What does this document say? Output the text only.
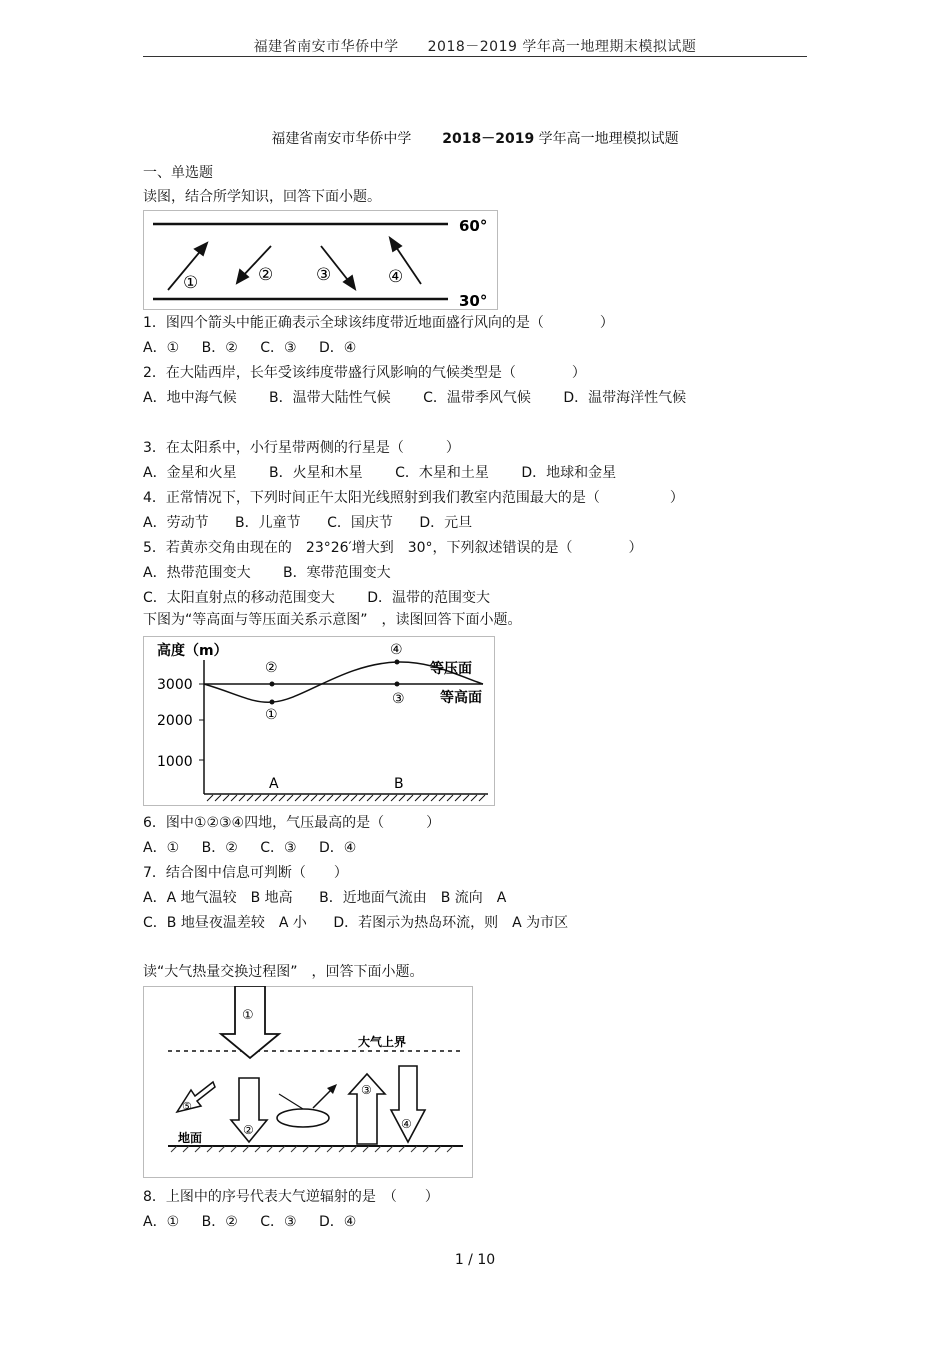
福建省南安市华侨中学　　2018－2019 学年高一地理期末模拟试题
福建省南安市华侨中学 2018－2019 学年高一地理模拟试题
一、单选题
读图，结合所学知识，回答下面小题。
60°
30°
①	②	③	④
1．图四个箭头中能正确表示全球该纬度带近地面盛行风向的是（　　　　）
A．① B．② C．③ D．④
2．在大陆西岸，长年受该纬度带盛行风影响的气候类型是（　　　　）
A．地中海气候 B．温带大陆性气候 C．温带季风气候 D．温带海洋性气候
3．在太阳系中，小行星带两侧的行星是（　　　）
A．金星和火星 B．火星和木星 C．木星和土星 D．地球和金星
4．正常情况下，下列时间正午太阳光线照射到我们教室内范围最大的是（　　　　　）
A．劳动节 B．儿童节 C．国庆节 D．元旦
5．若黄赤交角由现在的　23°26′增大到　30°，下列叙述错误的是（　　　　）
A．热带范围变大 B．寒带范围变大
C．太阳直射点的移动范围变大 D．温带的范围变大
下图为“等高面与等压面关系示意图”　，读图回答下面小题。
高度（m）
3000
2000
1000
②
①
④
③
等压面
等高面
A	B
6．图中①②③④四地，气压最高的是（　　　）
A．① B．② C．③ D．④
7．结合图中信息可判断（　　）
A．A 地气温较　B 地高 B．近地面气流由　B 流向　A
C．B 地昼夜温差较　A 小 D．若图示为热岛环流，则　A 为市区
读“大气热量交换过程图”　，回答下面小题。
大气上界
地面
①
②
⑤
③
④
8．上图中的序号代表大气逆辐射的是　（　　）
A．① B．② C．③ D．④
1 / 10
